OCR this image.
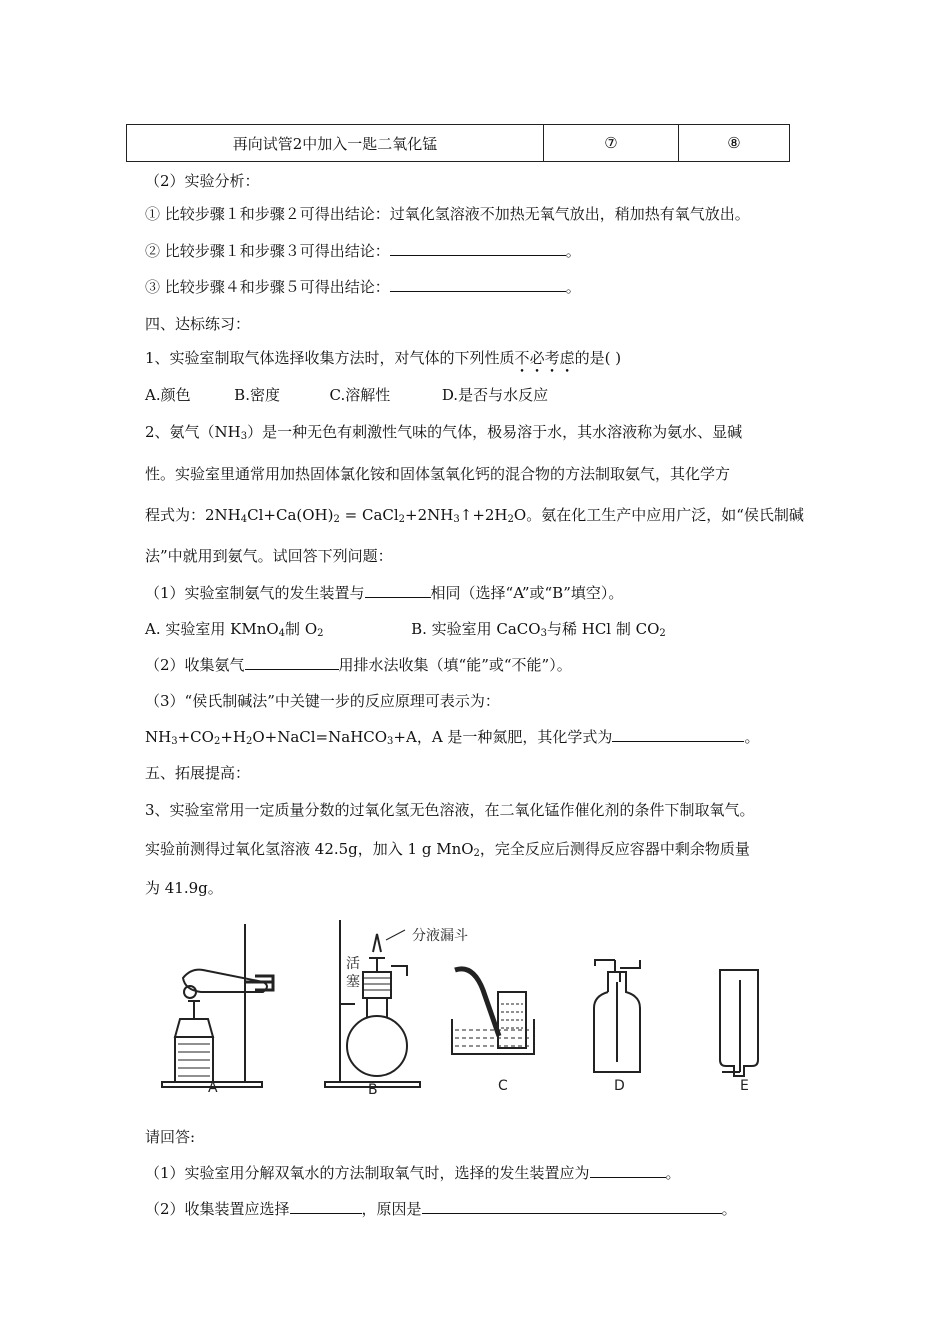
再向试管2中加入一匙二氧化锰	⑦	⑧
（2）实验分析：
① 比较步骤１和步骤２可得出结论：过氧化氢溶液不加热无氧气放出，稍加热有氧气放出。
② 比较步骤１和步骤３可得出结论：	。
③ 比较步骤４和步骤５可得出结论：	。
四、达标练习：
1、实验室制取气体选择收集方法时，对气体的下列性质不必考虑的是( )
A.颜色	B.密度	C.溶解性	D.是否与水反应
2、氨气$(NH_3)$是一种无色有刺激性气味的气体，极易溶于水，其水溶液称为氨水、显碱
性。实验室里通常用加热固体氯化铵和固体氢氧化钙的混合物的方法制取氨气，其化学方
程式为：$2NH_4Cl+Ca(OH)_2$ = $CaCl_2+2NH_3↑+2H_2O$。氨在化工生产中应用广泛，如“侯氏制碱
法”中就用到氨气。试回答下列问题：
（1）实验室制氨气的发生装置与	相同（选择“A”或“B”填空）。
A. 实验室用 KMnO$_4$制 $O_2$	B. 实验室用 CaCO$_3$与稀 HCl 制 $CO_2$
（2）收集氨气	用排水法收集（填“能”或“不能”）。
（3）“侯氏制碱法”中关键一步的反应原理可表示为：
$NH_3+CO_2+H_2O+NaCl=NaHCO_3+A$，A 是一种氮肥，其化学式为	。
五、拓展提高：
3、实验室常用一定质量分数的过氧化氢无色溶液，在二氧化锰作催化剂的条件下制取氧气。
实验前测得过氧化氢溶液 42.5g，加入 1 g MnO$_2$，完全反应后测得反应容器中剩余物质量
为 41.9g。
A
分液漏斗
活
塞
B	C	D	E
请回答:
（1）实验室用分解双氧水的方法制取氧气时，选择的发生装置应为	。
（2）收集装置应选择	，原因是	。
